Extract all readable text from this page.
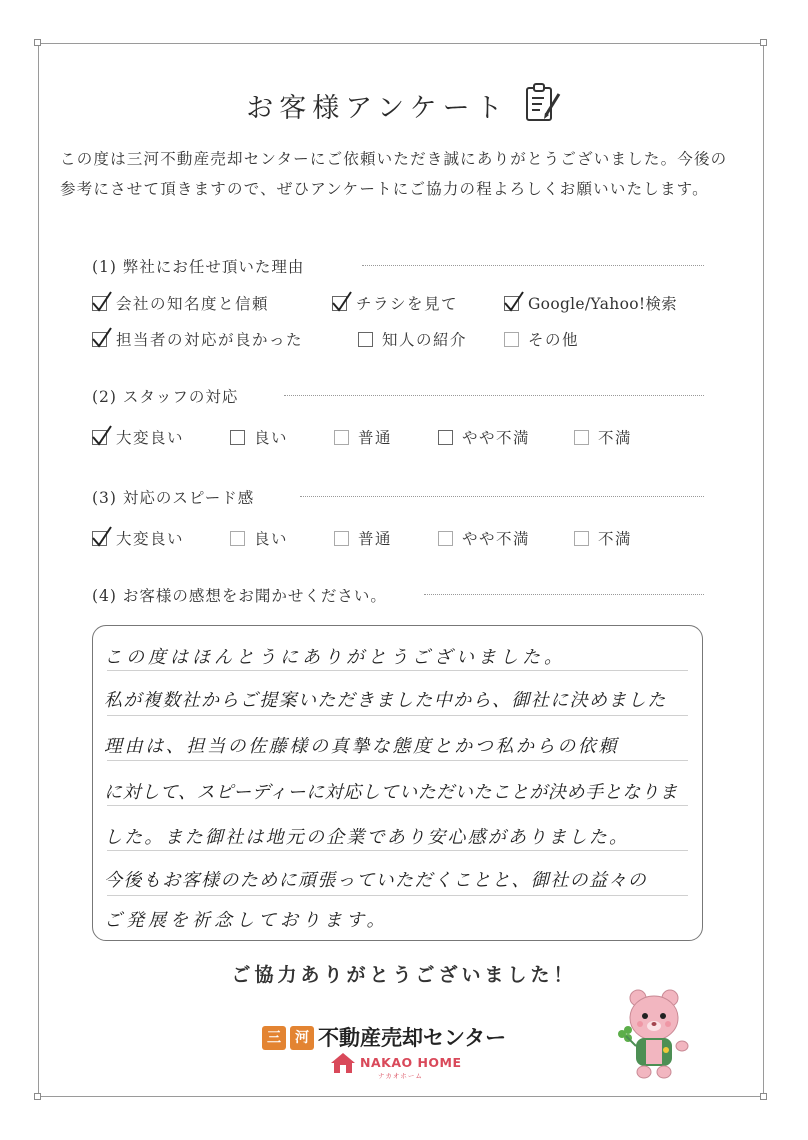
お客様アンケート
この度は三河不動産売却センターにご依頼いただき誠にありがとうございました。今後の
参考にさせて頂きますので、ぜひアンケートにご協力の程よろしくお願いいたします。
(1) 弊社にお任せ頂いた理由
会社の知名度と信頼	チラシを見て	Google/Yahoo!検索
担当者の対応が良かった	知人の紹介	その他
(2) スタッフの対応
大変良い	良い	普通	やや不満	不満
(3) 対応のスピード感
大変良い	良い	普通	やや不満	不満
(4) お客様の感想をお聞かせください。
この度はほんとうにありがとうございました。
私が複数社からご提案いただきました中から、御社に決めました
理由は、担当の佐藤様の真摯な態度とかつ私からの依頼
に対して、スピーディーに対応していただいたことが決め手となりま
した。また御社は地元の企業であり安心感がありました。
今後もお客様のために頑張っていただくことと、御社の益々の
ご発展を祈念しております。
ご協力ありがとうございました！
三	河 不動産売却センター
NAKAO HOME
ナカオホーム
